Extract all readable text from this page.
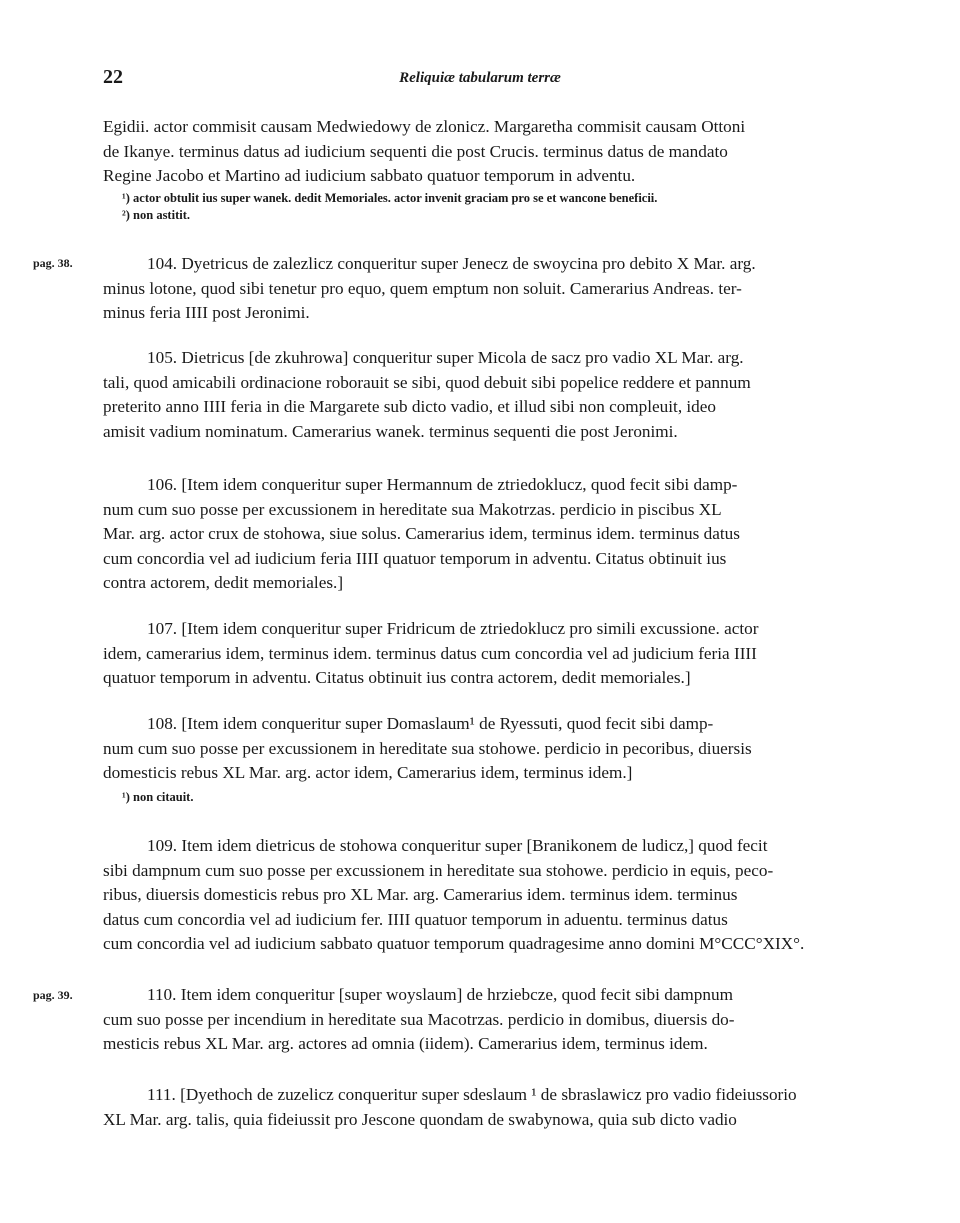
22	Reliquiæ tabularum terræ
Egidii. actor commisit causam Medwiedowy de zlonicz. Margaretha commisit causam Ottoni
de Ikanye. terminus datus ad iudicium sequenti die post Crucis. terminus datus de mandato
Regine Jacobo et Martino ad iudicium sabbato quatuor temporum in adventu.
¹) actor obtulit ius super wanek. dedit Memoriales. actor invenit graciam pro se et wancone beneficii.
²) non astitit.
pag. 38.	104. Dyetricus de zalezlicz conqueritur super Jenecz de swoycina pro debito X Mar. arg.
minus lotone, quod sibi tenetur pro equo, quem emptum non soluit. Camerarius Andreas. ter-
minus feria IIII post Jeronimi.
105. Dietricus [de zkuhrowa] conqueritur super Micola de sacz pro vadio XL Mar. arg.
tali, quod amicabili ordinacione roborauit se sibi, quod debuit sibi popelice reddere et pannum
preterito anno IIII feria in die Margarete sub dicto vadio, et illud sibi non compleuit, ideo
amisit vadium nominatum. Camerarius wanek. terminus sequenti die post Jeronimi.
106. [Item idem conqueritur super Hermannum de ztriedoklucz, quod fecit sibi damp-
num cum suo posse per excussionem in hereditate sua Makotrzas. perdicio in piscibus XL
Mar. arg. actor crux de stohowa, siue solus. Camerarius idem, terminus idem. terminus datus
cum concordia vel ad iudicium feria IIII quatuor temporum in adventu. Citatus obtinuit ius
contra actorem, dedit memoriales.]
107. [Item idem conqueritur super Fridricum de ztriedoklucz pro simili excussione. actor
idem, camerarius idem, terminus idem. terminus datus cum concordia vel ad judicium feria IIII
quatuor temporum in adventu. Citatus obtinuit ius contra actorem, dedit memoriales.]
108. [Item idem conqueritur super Domaslaum¹ de Ryessuti, quod fecit sibi damp-
num cum suo posse per excussionem in hereditate sua stohowe. perdicio in pecoribus, diuersis
domesticis rebus XL Mar. arg. actor idem, Camerarius idem, terminus idem.]
¹) non citauit.
109. Item idem dietricus de stohowa conqueritur super [Branikonem de ludicz,] quod fecit
sibi dampnum cum suo posse per excussionem in hereditate sua stohowe. perdicio in equis, peco-
ribus, diuersis domesticis rebus pro XL Mar. arg. Camerarius idem. terminus idem. terminus
datus cum concordia vel ad iudicium fer. IIII quatuor temporum in aduentu. terminus datus
cum concordia vel ad iudicium sabbato quatuor temporum quadragesime anno domini M°CCC°XIX°.
pag. 39.	110. Item idem conqueritur [super woyslaum] de hrziebcze, quod fecit sibi dampnum
cum suo posse per incendium in hereditate sua Macotrzas. perdicio in domibus, diuersis do-
mesticis rebus XL Mar. arg. actores ad omnia (iidem). Camerarius idem, terminus idem.
111. [Dyethoch de zuzelicz conqueritur super sdeslaum ¹ de sbraslawicz pro vadio fideiussorio
XL Mar. arg. talis, quia fideiussit pro Jescone quondam de swabynowa, quia sub dicto vadio
